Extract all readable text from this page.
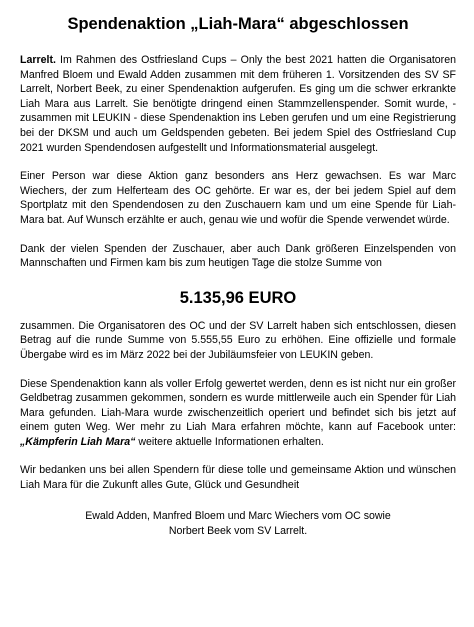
Spendenaktion „Liah-Mara“ abgeschlossen

Larrelt. Im Rahmen des Ostfriesland Cups – Only the best 2021 hatten die Organisatoren Manfred Bloem und Ewald Adden zusammen mit dem früheren 1. Vorsitzenden des SV SF Larrelt, Norbert Beek, zu einer Spendenaktion aufgerufen. Es ging um die schwer erkrankte Liah Mara aus Larrelt. Sie benötigte dringend einen Stammzellenspender. Somit wurde, - zusammen mit LEUKIN - diese Spendenaktion ins Leben gerufen und um eine Registrierung bei der DKSM und auch um Geldspenden gebeten. Bei jedem Spiel des Ostfriesland Cup 2021 wurden Spendendosen aufgestellt und Informationsmaterial ausgelegt.

Einer Person war diese Aktion ganz besonders ans Herz gewachsen. Es war Marc Wiechers, der zum Helferteam des OC gehörte. Er war es, der bei jedem Spiel auf dem Sportplatz mit den Spendendosen zu den Zuschauern kam und um eine Spende für Liah-Mara bat. Auf Wunsch erzählte er auch, genau wie und wofür die Spende verwendet würde.

Dank der vielen Spenden der Zuschauer, aber auch Dank größeren Einzelspenden von Mannschaften und Firmen kam bis zum heutigen Tage die stolze Summe von

5.135,96 EURO

zusammen. Die Organisatoren des OC und der SV Larrelt haben sich entschlossen, diesen Betrag auf die runde Summe von 5.555,55 Euro zu erhöhen. Eine offizielle und formale Übergabe wird es im März 2022 bei der Jubiläumsfeier von LEUKIN geben.

Diese Spendenaktion kann als voller Erfolg gewertet werden, denn es ist nicht nur ein großer Geldbetrag zusammen gekommen, sondern es wurde mittlerweile auch ein Spender für Liah Mara gefunden. Liah-Mara wurde zwischenzeitlich operiert und befindet sich bis jetzt auf einem guten Weg. Wer mehr zu Liah Mara erfahren möchte, kann auf Facebook unter: „Kämpferin Liah Mara“ weitere aktuelle Informationen erhalten.

Wir bedanken uns bei allen Spendern für diese tolle und gemeinsame Aktion und wünschen Liah Mara für die Zukunft alles Gute, Glück und Gesundheit

Ewald Adden, Manfred Bloem und Marc Wiechers vom OC sowie
Norbert Beek vom SV Larrelt.
